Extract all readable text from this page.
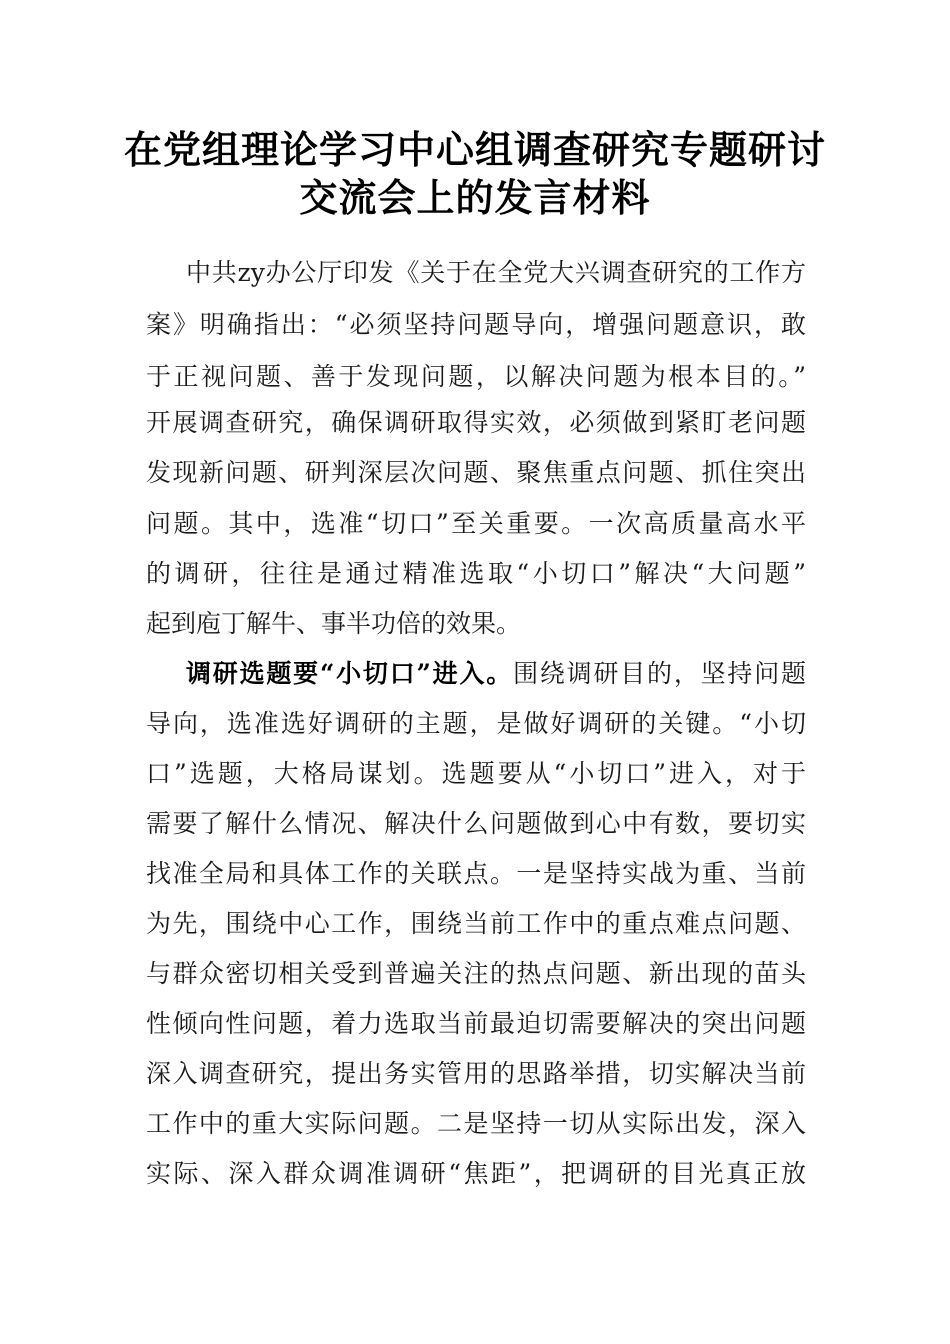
在党组理论学习中心组调查研究专题研讨
交流会上的发言材料
中共zy办公厅印发《关于在全党大兴调查研究的工作方
案》明确指出：“必须坚持问题导向，增强问题意识，敢
于正视问题、善于发现问题，以解决问题为根本目的。”
开展调查研究，确保调研取得实效，必须做到紧盯老问题
发现新问题、研判深层次问题、聚焦重点问题、抓住突出
问题。其中，选准“切口”至关重要。一次高质量高水平
的调研，往往是通过精准选取“小切口”解决“大问题”
起到庖丁解牛、事半功倍的效果。
调研选题要“小切口”进入。围绕调研目的，坚持问题
导向，选准选好调研的主题，是做好调研的关键。“小切
口”选题，大格局谋划。选题要从“小切口”进入，对于
需要了解什么情况、解决什么问题做到心中有数，要切实
找准全局和具体工作的关联点。一是坚持实战为重、当前
为先，围绕中心工作，围绕当前工作中的重点难点问题、
与群众密切相关受到普遍关注的热点问题、新出现的苗头
性倾向性问题，着力选取当前最迫切需要解决的突出问题
深入调查研究，提出务实管用的思路举措，切实解决当前
工作中的重大实际问题。二是坚持一切从实际出发，深入
实际、深入群众调准调研“焦距”，把调研的目光真正放
